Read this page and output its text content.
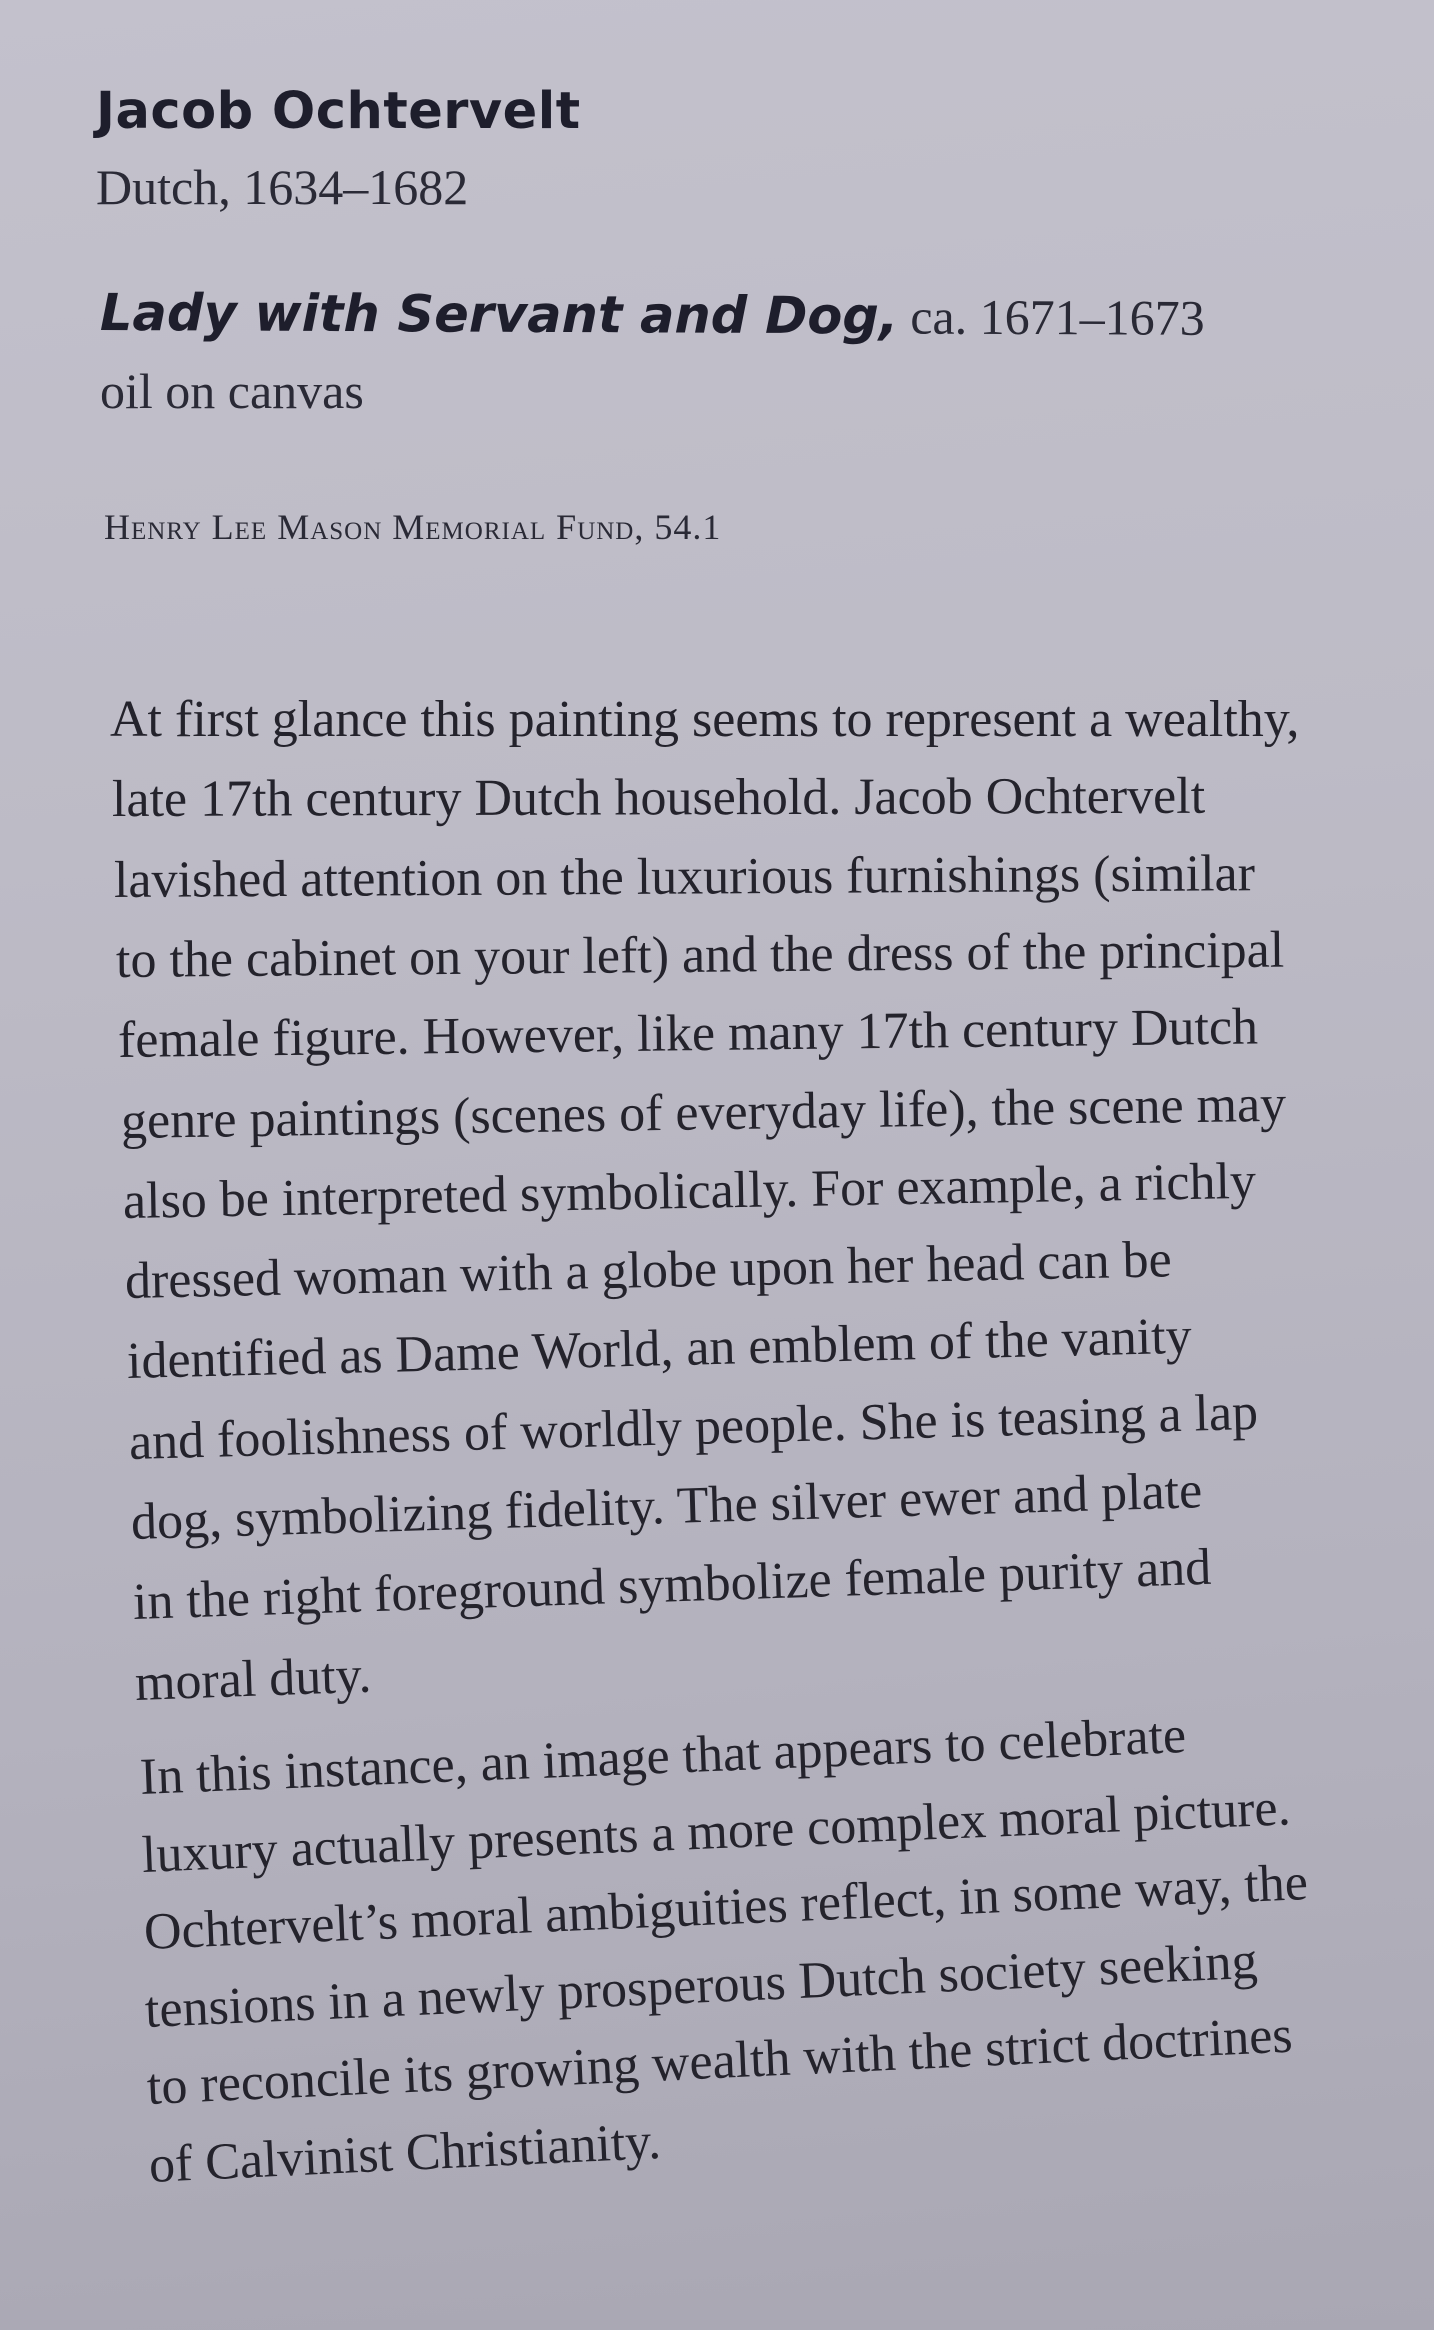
Jacob Ochtervelt

Dutch, 1634–1682

Lady with Servant and Dog, ca. 1671–1673

oil on canvas

Henry Lee Mason Memorial Fund, 54.1

At first glance this painting seems to represent a wealthy,
late 17th century Dutch household. Jacob Ochtervelt
lavished attention on the luxurious furnishings (similar
to the cabinet on your left) and the dress of the principal
female figure. However, like many 17th century Dutch
genre paintings (scenes of everyday life), the scene may
also be interpreted symbolically. For example, a richly
dressed woman with a globe upon her head can be
identified as Dame World, an emblem of the vanity
and foolishness of worldly people. She is teasing a lap
dog, symbolizing fidelity. The silver ewer and plate
in the right foreground symbolize female purity and
moral duty.
In this instance, an image that appears to celebrate
luxury actually presents a more complex moral picture.
Ochtervelt’s moral ambiguities reflect, in some way, the
tensions in a newly prosperous Dutch society seeking
to reconcile its growing wealth with the strict doctrines
of Calvinist Christianity.
